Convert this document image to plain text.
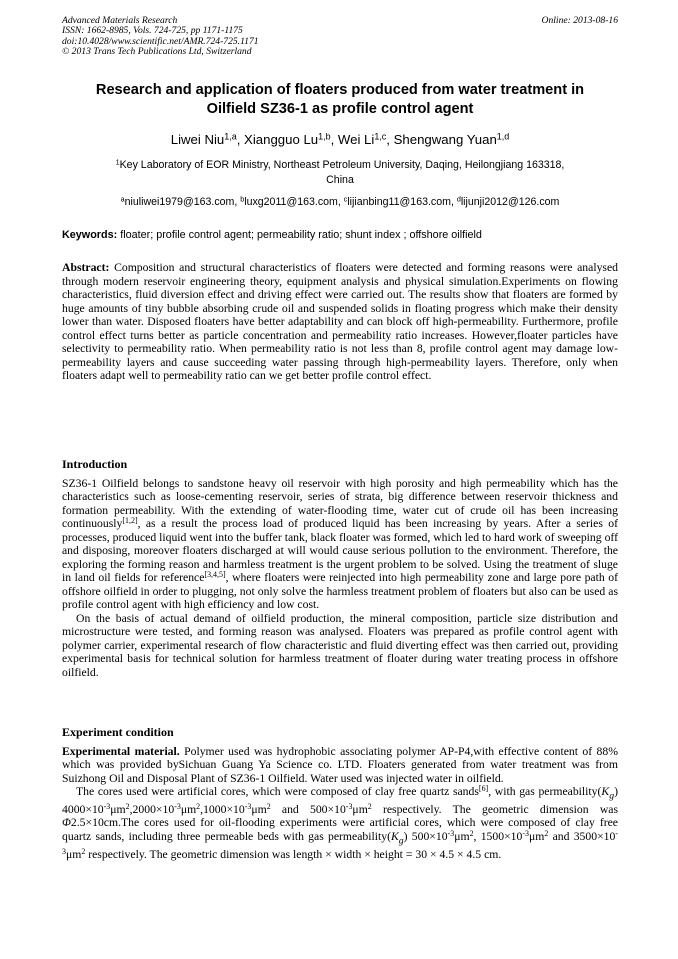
Advanced Materials Research
ISSN: 1662-8985, Vols. 724-725, pp 1171-1175
doi:10.4028/www.scientific.net/AMR.724-725.1171
© 2013 Trans Tech Publications Ltd, Switzerland
Online: 2013-08-16
Research and application of floaters produced from water treatment in
Oilfield SZ36-1 as profile control agent
Liwei Niu$^{1,a}$, Xiangguo Lu$^{1,b}$, Wei Li$^{1,c}$, Shengwang Yuan$^{1,d}$
$^1$Key Laboratory of EOR Ministry, Northeast Petroleum University, Daqing, Heilongjiang 163318,
China
$^a$niuliwei1979@163.com, $^b$luxg2011@163.com, $^c$lijianbing11@163.com, $^d$lijunji2012@126.com
Keywords: floater; profile control agent; permeability ratio; shunt index ; offshore oilfield

Abstract: Composition and structural characteristics of floaters were detected and forming reasons were analysed through modern reservoir engineering theory, equipment analysis and physical simulation.Experiments on flowing characteristics, fluid diversion effect and driving effect were carried out. The results show that floaters are formed by huge amounts of tiny bubble absorbing crude oil and suspended solids in floating progress which make their density lower than water. Disposed floaters have better adaptability and can block off high-permeability. Furthermore, profile control effect turns better as particle concentration and permeability ratio increases. However,floater particles have selectivity to permeability ratio. When permeability ratio is not less than 8, profile control agent may damage low-permeability layers and cause succeeding water passing through high-permeability layers. Therefore, only when floaters adapt well to permeability ratio can we get better profile control effect.

Introduction

SZ36-1 Oilfield belongs to sandstone heavy oil reservoir with high porosity and high permeability which has the characteristics such as loose-cementing reservoir, series of strata, big difference between reservoir thickness and formation permeability. With the extending of water-flooding time, water cut of crude oil has been increasing continuously[1,2], as a result the process load of produced liquid has been increasing by years. After a series of processes, produced liquid went into the buffer tank, black floater was formed, which led to hard work of sweeping off and disposing, moreover floaters discharged at will would cause serious pollution to the environment. Therefore, the exploring the forming reason and harmless treatment is the urgent problem to be solved. Using the treatment of sluge in land oil fields for reference[3,4,5], where floaters were reinjected into high permeability zone and large pore path of offshore oilfield in order to plugging, not only solve the harmless treatment problem of floaters but also can be used as profile control agent with high efficiency and low cost.

On the basis of actual demand of oilfield production, the mineral composition, particle size distribution and microstructure were tested, and forming reason was analysed. Floaters was prepared as profile control agent with polymer carrier, experimental research of flow characteristic and fluid diverting effect was then carried out, providing experimental basis for technical solution for harmless treatment of floater during water treating process in offshore oilfield.

Experiment condition

Experimental material. Polymer used was hydrophobic associating polymer AP-P4,with effective content of 88% which was provided bySichuan Guang Ya Science co. LTD. Floaters generated from water treatment was from Suizhong Oil and Disposal Plant of SZ36-1 Oilfield. Water used was injected water in oilfield.

The cores used were artificial cores, which were composed of clay free quartz sands[6], with gas $permeability(K_g)$ $4000\times 10^{-3}\mu m^2,2000\times 10^{-3}\mu m^2,1000\times 10^{-3}\mu m^2$ and $500\times 10^{-3}\mu m^2$ respectively. The geometric dimension was Φ2.5×10cm.The cores used for oil-flooding experiments were artificial cores, which were composed of clay free quartz sands, including three permeable beds with gas $permeability(K_g)$ $500\times 10^{-3}\mu m^2$, $1500\times 10^{-3}\mu m^2$ and $3500\times 10^{-3}\mu m^2$ respectively. The geometric dimension was length × width × height = 30 × 4.5 × 4.5 cm.
